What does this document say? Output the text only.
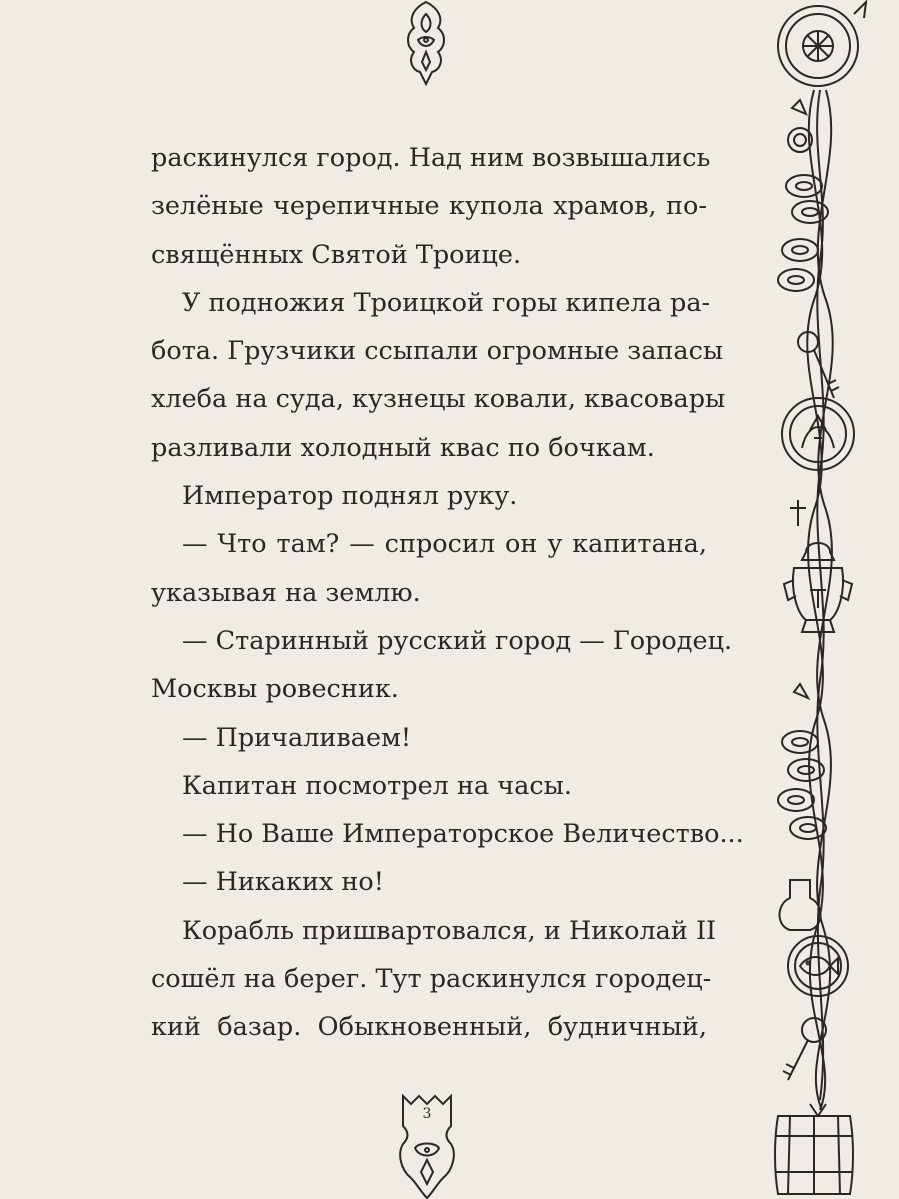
раскинулся город. Над ним возвышались
зелёные черепичные купола храмов, по-
свящённых Святой Троице.
У подножия Троицкой горы кипела ра-
бота. Грузчики ссыпали огромные запасы
хлеба на суда, кузнецы ковали, квасовары
разливали холодный квас по бочкам.
Император поднял руку.
— Что там? — спросил он у капитана,
указывая на землю.
— Старинный русский город — Городец.
Москвы ровесник.
— Причаливаем!
Капитан посмотрел на часы.
— Но Ваше Императорское Величество...
— Никаких но!
Корабль пришвартовался, и Николай II
сошёл на берег. Тут раскинулся городец-
кий базар. Обыкновенный, будничный,
3
